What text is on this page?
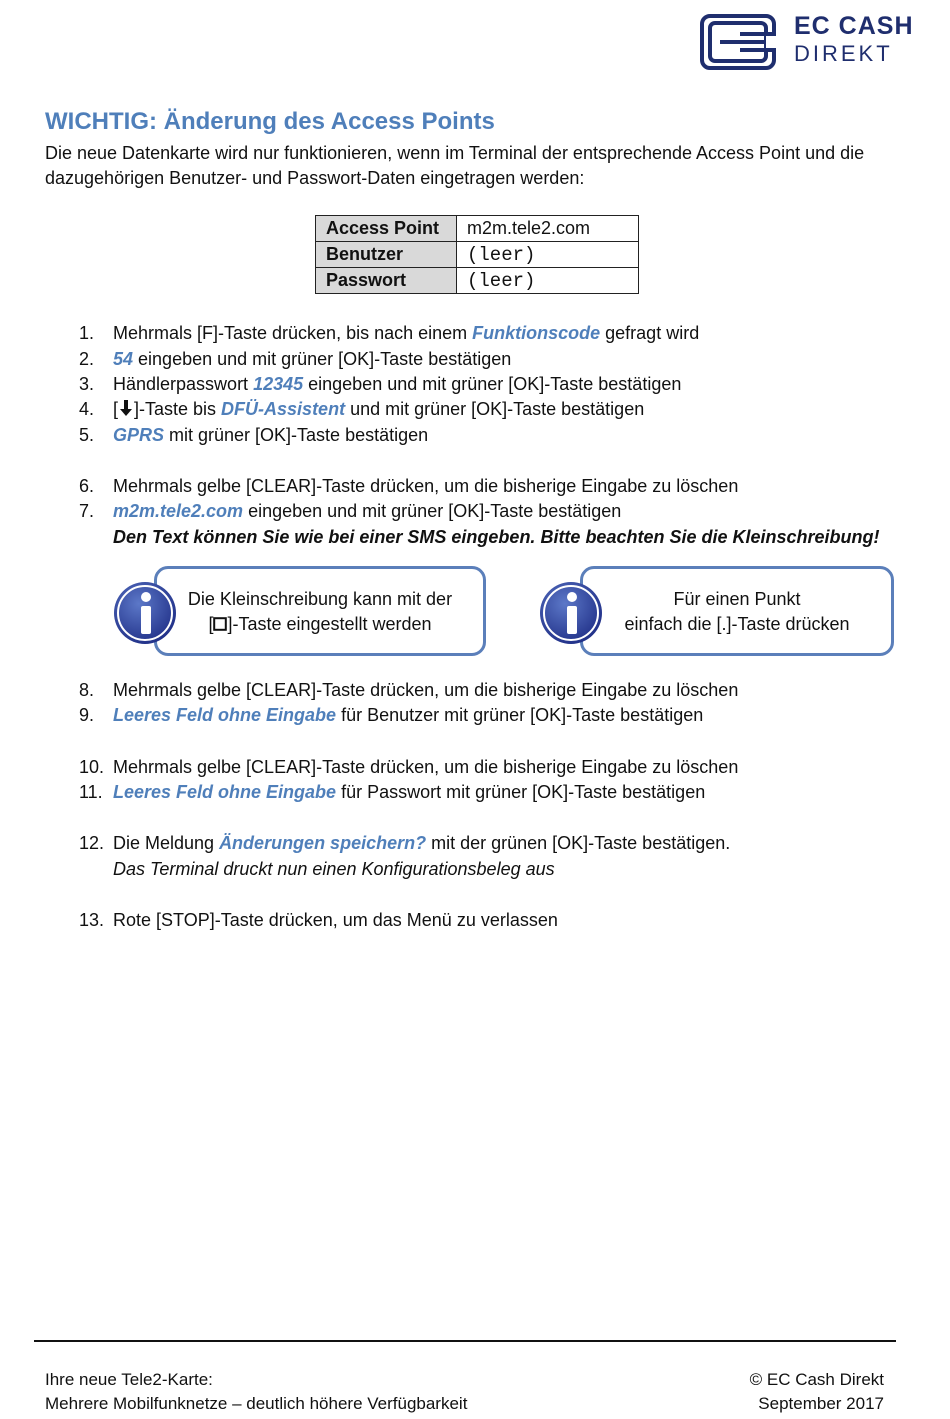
EC CASH
DIREKT
WICHTIG: Änderung des Access Points

Die neue Datenkarte wird nur funktionieren, wenn im Terminal der entsprechende Access Point und die dazugehörigen Benutzer- und Passwort-Daten eingetragen werden:

Access Point	m2m.tele2.com
Benutzer	(leer)
Passwort	(leer)
1. Mehrmals [F]-Taste drücken, bis nach einem Funktionscode gefragt wird
2. 54 eingeben und mit grüner [OK]-Taste bestätigen
3. Händlerpasswort 12345 eingeben und mit grüner [OK]-Taste bestätigen
4. [ ]-Taste bis DFÜ-Assistent und mit grüner [OK]-Taste bestätigen
5. GPRS mit grüner [OK]-Taste bestätigen
6. Mehrmals gelbe [CLEAR]-Taste drücken, um die bisherige Eingabe zu löschen
7. m2m.tele2.com eingeben und mit grüner [OK]-Taste bestätigen
Den Text können Sie wie bei einer SMS eingeben. Bitte beachten Sie die Kleinschreibung!
8. Mehrmals gelbe [CLEAR]-Taste drücken, um die bisherige Eingabe zu löschen
9. Leeres Feld ohne Eingabe für Benutzer mit grüner [OK]-Taste bestätigen
10. Mehrmals gelbe [CLEAR]-Taste drücken, um die bisherige Eingabe zu löschen
11. Leeres Feld ohne Eingabe für Passwort mit grüner [OK]-Taste bestätigen
12. Die Meldung Änderungen speichern? mit der grünen [OK]-Taste bestätigen.
Das Terminal druckt nun einen Konfigurationsbeleg aus
13. Rote [STOP]-Taste drücken, um das Menü zu verlassen
Die Kleinschreibung kann mit der
[ ]-Taste eingestellt werden
Für einen Punkt
einfach die [.]-Taste drücken
Ihre neue Tele2-Karte:
Mehrere Mobilfunknetze – deutlich höhere Verfügbarkeit
© EC Cash Direkt
September 2017
